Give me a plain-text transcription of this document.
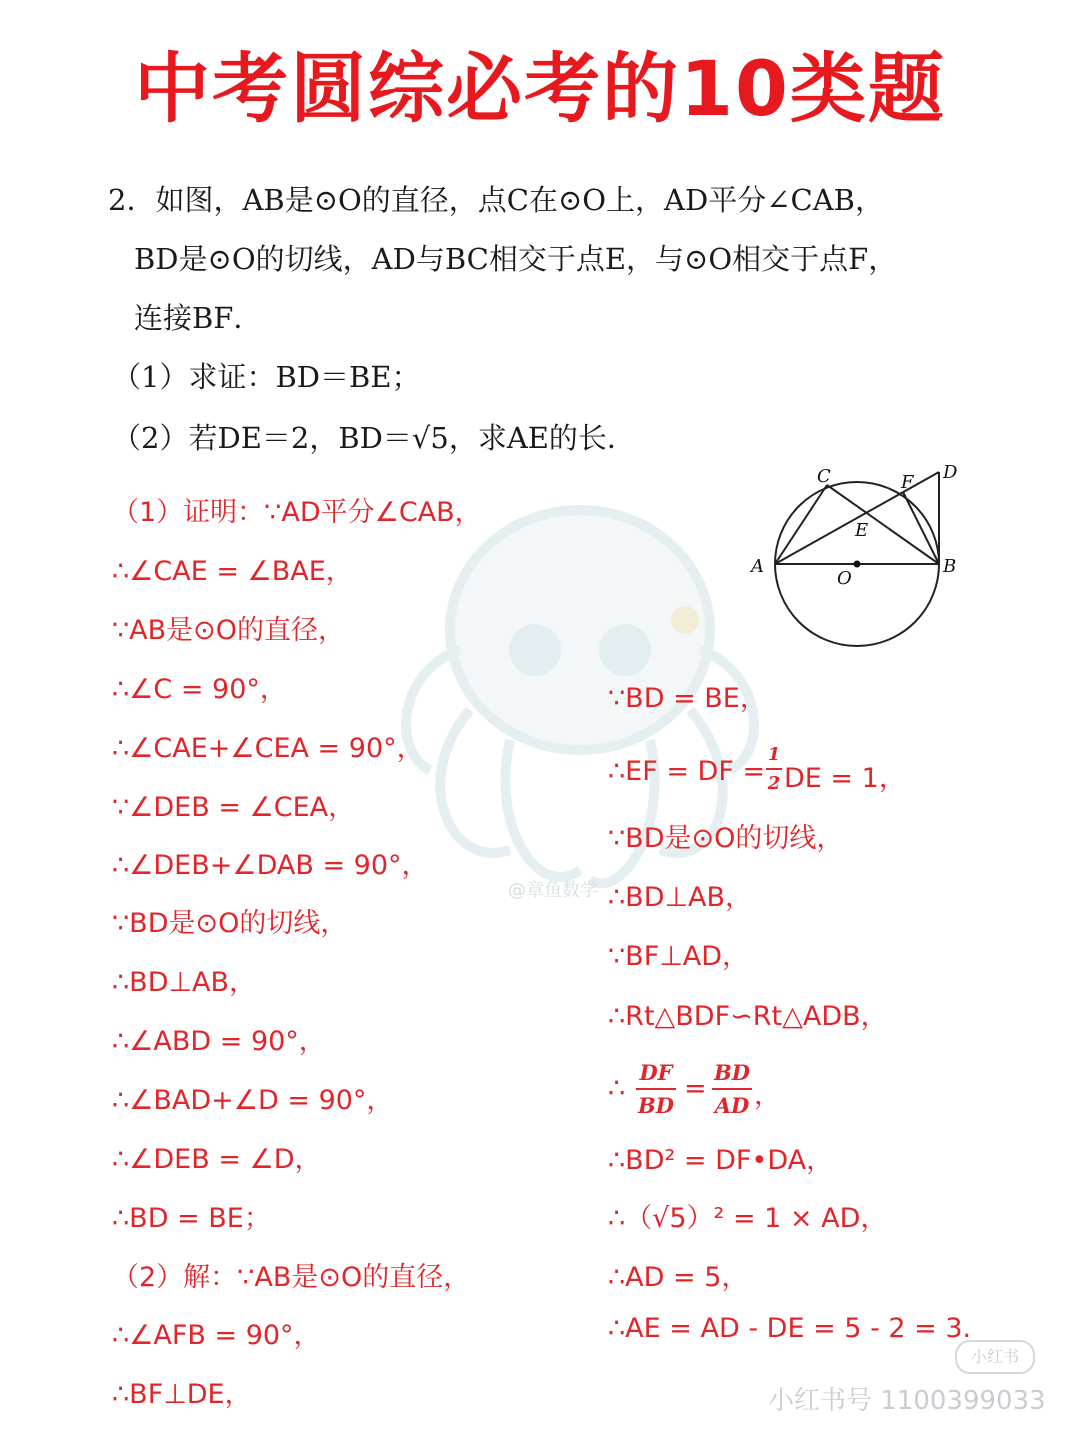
中考圆综必考的10类题
2．如图，AB是⊙O的直径，点C在⊙O上，AD平分∠CAB，
BD是⊙O的切线，AD与BC相交于点E，与⊙O相交于点F，
连接BF．
（1）求证：BD＝BE；
（2）若DE＝2，BD＝√5，求AE的长．
@章鱼数学
C	F D
E
A
O
B
（1）证明：∵AD平分∠CAB，
∴∠CAE = ∠BAE，
∵AB是⊙O的直径，
∴∠C = 90°，
∴∠CAE+∠CEA = 90°，
∵∠DEB = ∠CEA，
∴∠DEB+∠DAB = 90°，
∵BD是⊙O的切线，
∴BD⊥AB，
∴∠ABD = 90°，
∴∠BAD+∠D = 90°，
∴∠DEB = ∠D，
∴BD = BE；
（2）解：∵AB是⊙O的直径，
∴∠AFB = 90°，
∴BF⊥DE，
∵BD = BE，
∴EF = DF =
1
2 DE = 1，
∵BD是⊙O的切线，
∴BD⊥AB，
∵BF⊥AD，
∴Rt△BDF∽Rt△ADB，
∴
DF
BD
=
BD
AD ，
∴BD² = DF•DA，
∴（√5）² = 1 × AD，
∴AD = 5，
∴AE = AD - DE = 5 - 2 = 3.
小红书
小红书号 1100399033
